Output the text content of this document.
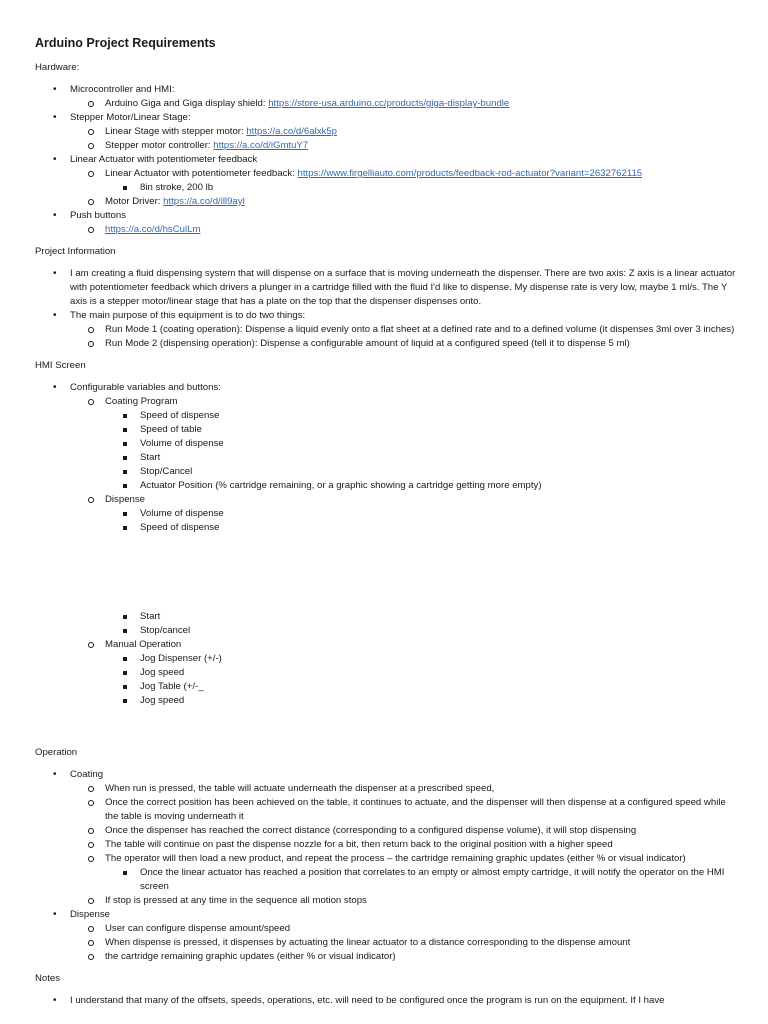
Arduino Project Requirements
Hardware:
• Microcontroller and HMI:
Arduino Giga and Giga display shield: https://store-usa.arduino.cc/products/giga-display-bundle
• Stepper Motor/Linear Stage:
Linear Stage with stepper motor: https://a.co/d/6alxk5p
Stepper motor controller: https://a.co/d/iGmtuY7
• Linear Actuator with potentiometer feedback
Linear Actuator with potentiometer feedback: https://www.firgelliauto.com/products/feedback-rod-actuator?variant=2632762115
8in stroke, 200 lb
Motor Driver: https://a.co/d/ill9ayl
• Push buttons
https://a.co/d/hsCulLm
Project Information
• I am creating a fluid dispensing system that will dispense on a surface that is moving underneath the dispenser. There are two axis: Z axis is a linear actuator with potentiometer feedback which drivers a plunger in a cartridge filled with the fluid I'd like to dispense. My dispense rate is very low, maybe 1 ml/s. The Y axis is a stepper motor/linear stage that has a plate on the top that the dispenser dispenses onto.
• The main purpose of this equipment is to do two things:
Run Mode 1 (coating operation): Dispense a liquid evenly onto a flat sheet at a defined rate and to a defined volume (it dispenses 3ml over 3 inches)
Run Mode 2 (dispensing operation): Dispense a configurable amount of liquid at a configured speed (tell it to dispense 5 ml)
HMI Screen
• Configurable variables and buttons:
Coating Program
Speed of dispense
Speed of table
Volume of dispense
Start
Stop/Cancel
Actuator Position (% cartridge remaining, or a graphic showing a cartridge getting more empty)
Dispense
Volume of dispense
Speed of dispense
Start
Stop/cancel
Manual Operation
Jog Dispenser (+/-)
Jog speed
Jog Table (+/-_
Jog speed
Operation
• Coating
When run is pressed, the table will actuate underneath the dispenser at a prescribed speed,
Once the correct position has been achieved on the table, it continues to actuate, and the dispenser will then dispense at a configured speed while the table is moving underneath it
Once the dispenser has reached the correct distance (corresponding to a configured dispense volume), it will stop dispensing
The table will continue on past the dispense nozzle for a bit, then return back to the original position with a higher speed
The operator will then load a new product, and repeat the process – the cartridge remaining graphic updates (either % or visual indicator)
Once the linear actuator has reached a position that correlates to an empty or almost empty cartridge, it will notify the operator on the HMI screen
If stop is pressed at any time in the sequence all motion stops
• Dispense
User can configure dispense amount/speed
When dispense is pressed, it dispenses by actuating the linear actuator to a distance corresponding to the dispense amount
the cartridge remaining graphic updates (either % or visual indicator)
Notes
• I understand that many of the offsets, speeds, operations, etc. will need to be configured once the program is run on the equipment. If I have
